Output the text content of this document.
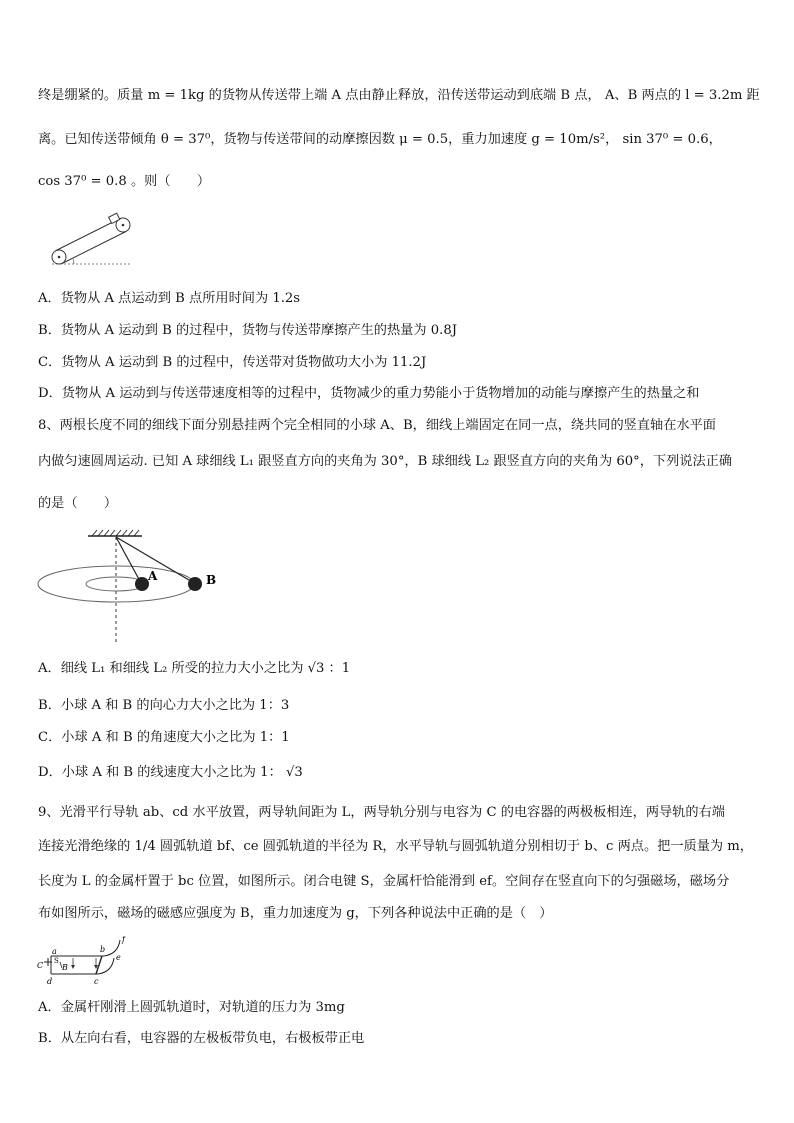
终是绷紧的。质量 m = 1kg 的货物从传送带上端 A 点由静止释放，沿传送带运动到底端 B 点， A、B 两点的 l = 3.2m 距
离。已知传送带倾角 θ = 37⁰，货物与传送带间的动摩擦因数 μ = 0.5，重力加速度 g = 10m/s²， sin 37⁰ = 0.6，
cos 37⁰ = 0.8 。则（　　）
A．货物从 A 点运动到 B 点所用时间为 1.2s
B．货物从 A 运动到 B 的过程中，货物与传送带摩擦产生的热量为 0.8J
C．货物从 A 运动到 B 的过程中，传送带对货物做功大小为 11.2J
D．货物从 A 运动到与传送带速度相等的过程中，货物减少的重力势能小于货物增加的动能与摩擦产生的热量之和
8、两根长度不同的细线下面分别悬挂两个完全相同的小球 A、B，细线上端固定在同一点，绕共同的竖直轴在水平面
内做匀速圆周运动. 已知 A 球细线 L₁ 跟竖直方向的夹角为 30°，B 球细线 L₂ 跟竖直方向的夹角为 60°，下列说法正确
的是（　　）
A	B
A．细线 L₁ 和细线 L₂ 所受的拉力大小之比为 √3 ：1
B．小球 A 和 B 的向心力大小之比为 1：3
C．小球 A 和 B 的角速度大小之比为 1：1
D．小球 A 和 B 的线速度大小之比为 1： √3
9、光滑平行导轨 ab、cd 水平放置，两导轨间距为 L，两导轨分别与电容为 C 的电容器的两极板相连，两导轨的右端
连接光滑绝缘的 1/4 圆弧轨道 bf、ce 圆弧轨道的半径为 R，水平导轨与圆弧轨道分别相切于 b、c 两点。把一质量为 m，
长度为 L 的金属杆置于 bc 位置，如图所示。闭合电键 S，金属杆恰能滑到 ef。空间存在竖直向下的匀强磁场，磁场分
布如图所示，磁场的磁感应强度为 B，重力加速度为 g，下列各种说法中正确的是（　）
a
S
C B
b
f
e
d	c
A．金属杆刚滑上圆弧轨道时，对轨道的压力为 3mg
B．从左向右看，电容器的左极板带负电，右极板带正电
